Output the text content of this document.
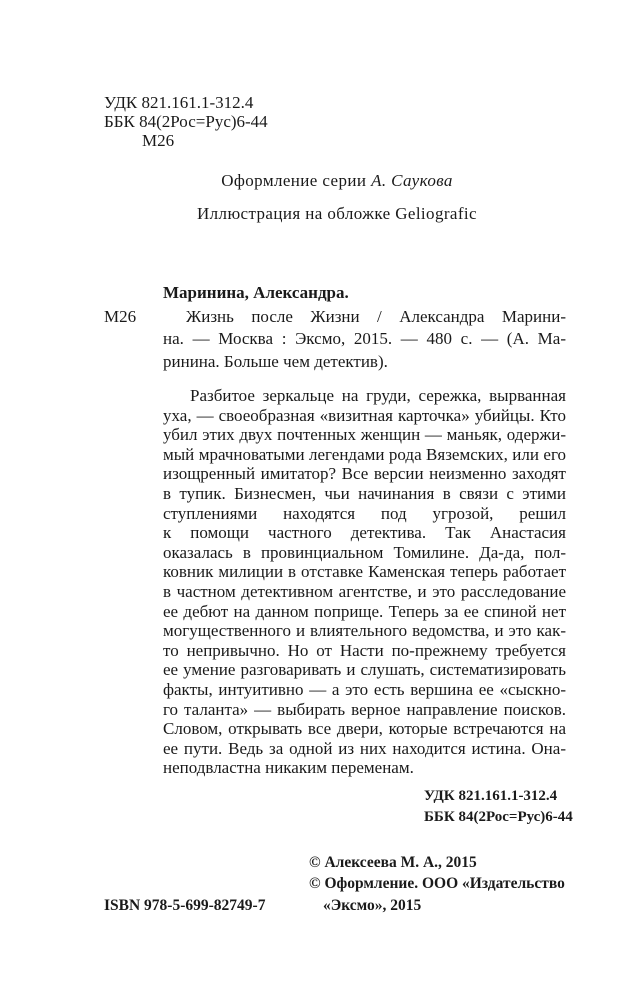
УДК 821.161.1-312.4
ББК 84(2Рос=Рус)6-44
М26
Оформление серии А. Саукова
Иллюстрация на обложке Geliografic
Маринина, Александра.
М26	Жизнь после Жизни / Александра Марини-
на. — Москва : Эксмо, 2015. — 480 с. — (А. Ма-
ринина. Больше чем детектив).
Разбитое зеркальце на груди, сережка, вырванная
уха, — своеобразная «визитная карточка» убийцы. Кто
убил этих двух почтенных женщин — маньяк, одержи-
мый мрачноватыми легендами рода Вяземских, или его
изощренный имитатор? Все версии неизменно заходят
в тупик. Бизнесмен, чьи начинания в связи с этими
ступлениями находятся под угрозой, решил
к помощи частного детектива. Так Анастасия
оказалась в провинциальном Томилине. Да-да, пол-
ковник милиции в отставке Каменская теперь работает
в частном детективном агентстве, и это расследование
ее дебют на данном поприще. Теперь за ее спиной нет
могущественного и влиятельного ведомства, и это как-
то непривычно. Но от Насти по-прежнему требуется
ее умение разговаривать и слушать, систематизировать
факты, интуитивно — а это есть вершина ее «сыскно-
го таланта» — выбирать верное направление поисков.
Словом, открывать все двери, которые встречаются на
ее пути. Ведь за одной из них находится истина. Она-
неподвластна никаким переменам.
УДК 821.161.1-312.4
ББК 84(2Рос=Рус)6-44
© Алексеева М. А., 2015
© Оформление. ООО «Издательство
«Эксмо», 2015
ISBN 978-5-699-82749-7
